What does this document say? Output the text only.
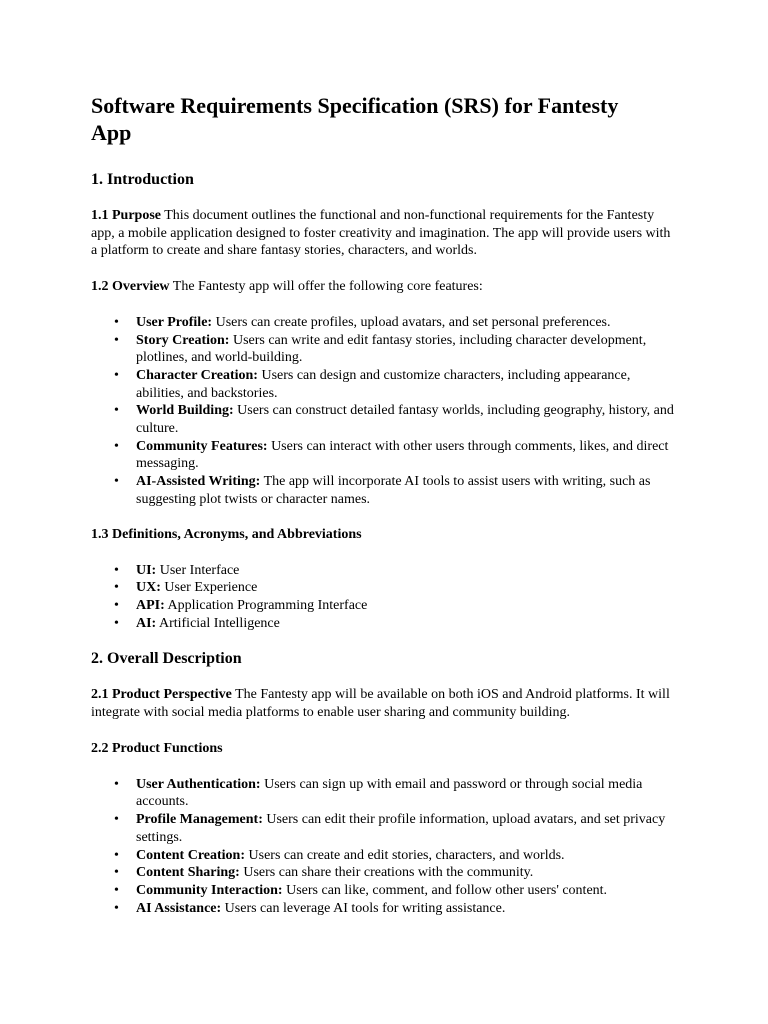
Software Requirements Specification (SRS) for Fantesty App
1. Introduction

1.1 Purpose This document outlines the functional and non-functional requirements for the Fantesty app, a mobile application designed to foster creativity and imagination. The app will provide users with a platform to create and share fantasy stories, characters, and worlds.

1.2 Overview The Fantesty app will offer the following core features:

• User Profile: Users can create profiles, upload avatars, and set personal preferences.
• Story Creation: Users can write and edit fantasy stories, including character development, plotlines, and world-building.
• Character Creation: Users can design and customize characters, including appearance, abilities, and backstories.
• World Building: Users can construct detailed fantasy worlds, including geography, history, and culture.
• Community Features: Users can interact with other users through comments, likes, and direct messaging.
• AI-Assisted Writing: The app will incorporate AI tools to assist users with writing, such as suggesting plot twists or character names.
1.3 Definitions, Acronyms, and Abbreviations
• UI: User Interface
• UX: User Experience
• API: Application Programming Interface
• AI: Artificial Intelligence
2. Overall Description

2.1 Product Perspective The Fantesty app will be available on both iOS and Android platforms. It will integrate with social media platforms to enable user sharing and community building.

2.2 Product Functions
• User Authentication: Users can sign up with email and password or through social media accounts.
• Profile Management: Users can edit their profile information, upload avatars, and set privacy settings.
• Content Creation: Users can create and edit stories, characters, and worlds.
• Content Sharing: Users can share their creations with the community.
• Community Interaction: Users can like, comment, and follow other users' content.
• AI Assistance: Users can leverage AI tools for writing assistance.
